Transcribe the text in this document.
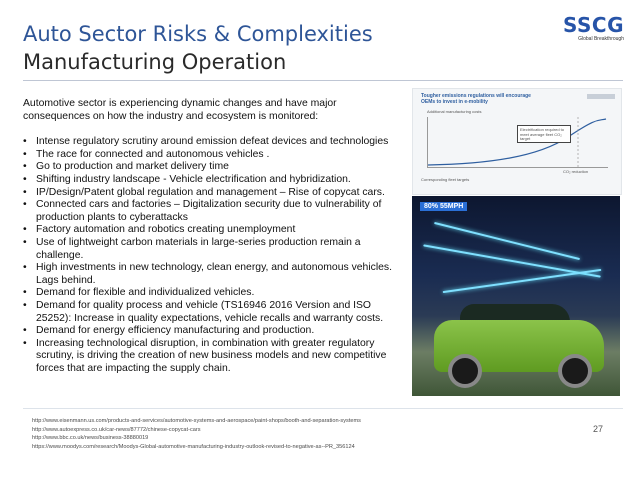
Auto Sector Risks & Complexities
Manufacturing Operation
SSCG
Global Breakthrough

Automotive sector is experiencing dynamic changes and have major consequences on how the industry and ecosystem is monitored:

• Intense regulatory scrutiny around emission defeat devices and technologies
• The race for connected and autonomous vehicles .
• Go to production and market delivery time
• Shifting industry landscape - Vehicle electrification and hybridization.
• IP/Design/Patent global regulation and management – Rise of copycat cars.
• Connected cars and factories – Digitalization security due to vulnerability of production plants to cyberattacks
• Factory automation and robotics creating unemployment
• Use of lightweight carbon materials in large-series production remain a challenge.
• High investments in new technology, clean energy, and autonomous vehicles. Lags behind.
• Demand for flexible and individualized vehicles.
• Demand for quality process and vehicle (TS16946 2016 Version and ISO 25252): Increase in quality expectations, vehicle recalls and warranty costs.
• Demand for energy efficiency manufacturing and production.
• Increasing technological disruption, in combination with greater regulatory scrutiny, is driving the creation of new business models and new competitive forces that are impacting the supply chain.
Tougher emissions regulations will encourage OEMs to invest in e-mobility
Additional manufacturing costs
Electrification required to meet average fleet CO₂ target
CO₂ reduction
Corresponding fleet targets
80% 55MPH
http://www.eisenmann.us.com/products-and-services/automotive-systems-and-aerospace/paint-shops/booth-and-separation-systems
http://www.autoexpress.co.uk/car-news/87772/chinese-copycat-cars
http://www.bbc.co.uk/news/business-38880019
https://www.moodys.com/research/Moodys-Global-automotive-manufacturing-industry-outlook-revised-to-negative-as--PR_356124
27
